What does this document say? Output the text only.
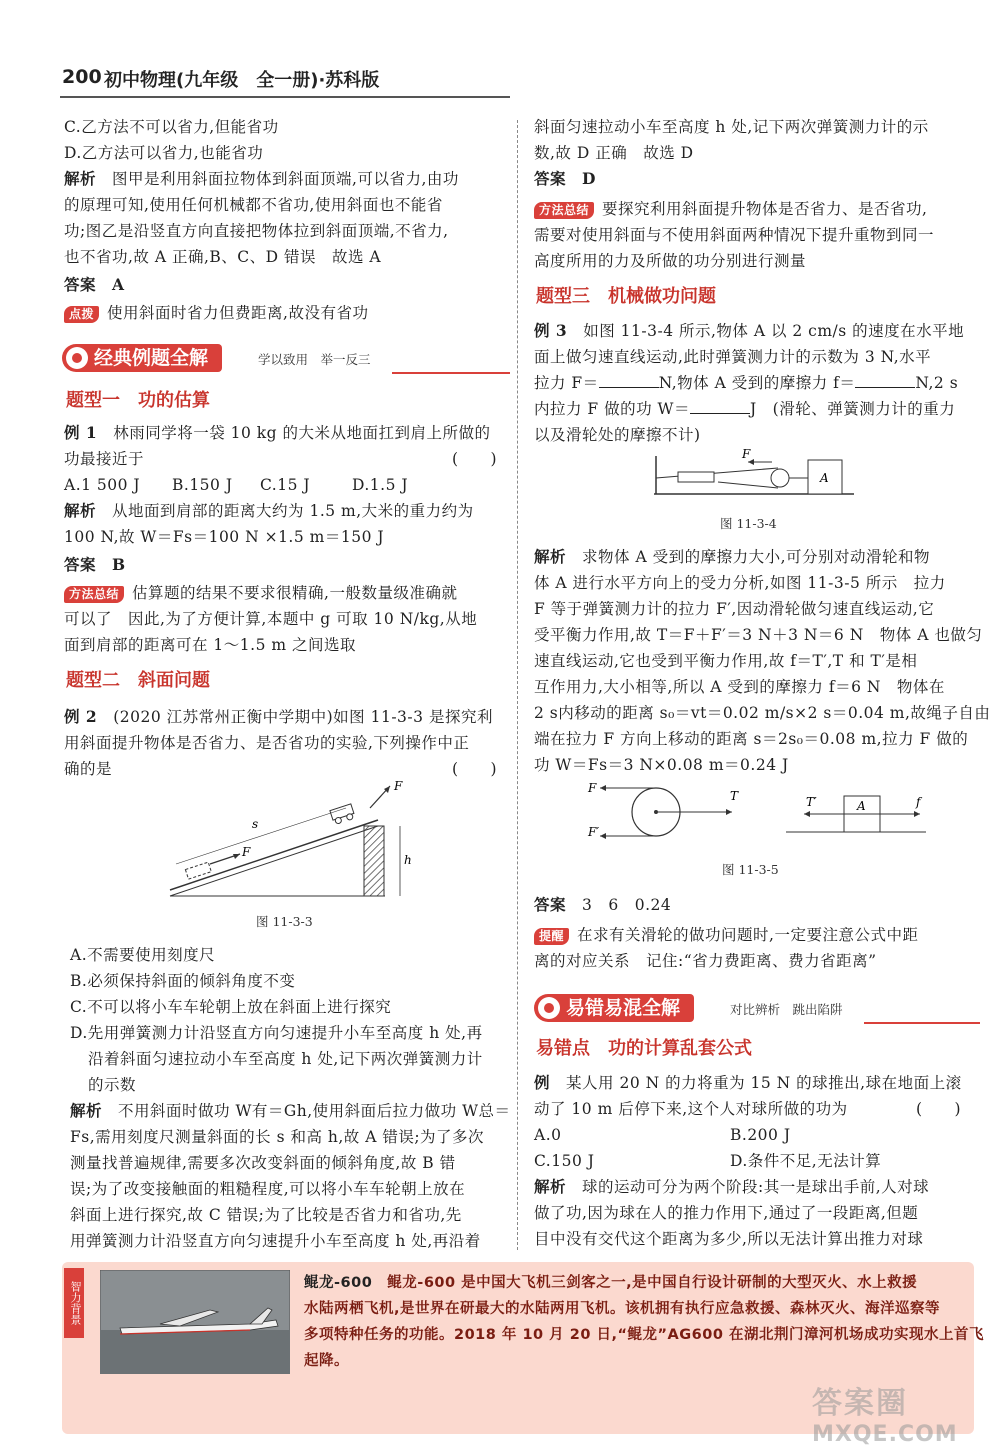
200 初中物理(九年级　全一册)·苏科版
C.乙方法不可以省力,但能省功
D.乙方法可以省力,也能省功
解析　 图甲是利用斜面拉物体到斜面顶端,可以省力,由功
的原理可知,使用任何机械都不省功,使用斜面也不能省
功;图乙是沿竖直方向直接把物体拉到斜面顶端,不省力,
也不省功,故 A 正确,B、C、D 错误　故选 A
答案　 A
点拨 使用斜面时省力但费距离,故没有省功
经典例题全解	学以致用　举一反三
题型一　功的估算
例 1　 林雨同学将一袋 10 kg 的大米从地面扛到肩上所做的
功最接近于	(　　)
A.1 500 J B.150 J C.15 J	D.1.5 J
解析　 从地面到肩部的距离大约为 1.5 m,大米的重力约为
100 N,故 W＝Fs＝100 N ×1.5 m＝150 J
答案　 B
方法总结 估算题的结果不要求很精确,一般数量级准确就
可以了　因此,为了方便计算,本题中 g 可取 10 N/kg,从地
面到肩部的距离可在 1～1.5 m 之间选取
题型二　斜面问题
例 2　 (2020 江苏常州正衡中学期中)如图 11-3-3 是探究利
用斜面提升物体是否省力、是否省功的实验,下列操作中正
确的是	(　　)
F
F
s
h
图 11-3-3
A.不需要使用刻度尺
B.必须保持斜面的倾斜角度不变
C.不可以将小车车轮朝上放在斜面上进行探究
D.先用弹簧测力计沿竖直方向匀速提升小车至高度 h 处,再
沿着斜面匀速拉动小车至高度 h 处,记下两次弹簧测力计
的示数
解析　 不用斜面时做功 W有＝Gh,使用斜面后拉力做功 W总＝
Fs,需用刻度尺测量斜面的长 s 和高 h,故 A 错误;为了多次
测量找普遍规律,需要多次改变斜面的倾斜角度,故 B 错
误;为了改变接触面的粗糙程度,可以将小车车轮朝上放在
斜面上进行探究,故 C 错误;为了比较是否省力和省功,先
用弹簧测力计沿竖直方向匀速提升小车至高度 h 处,再沿着
斜面匀速拉动小车至高度 h 处,记下两次弹簧测力计的示
数,故 D 正确　故选 D
答案　 D
方法总结 要探究利用斜面提升物体是否省力、是否省功,
需要对使用斜面与不使用斜面两种情况下提升重物到同一
高度所用的力及所做的功分别进行测量
题型三　机械做功问题
例 3　 如图 11-3-4 所示,物体 A 以 2 cm/s 的速度在水平地
面上做匀速直线运动,此时弹簧测力计的示数为 3 N,水平
拉力 F＝	N,物体 A 受到的摩擦力 f＝	N,2 s
内拉力 F 做的功 W＝	J　(滑轮、弹簧测力计的重力
以及滑轮处的摩擦不计)
F
A
图 11-3-4
解析　 求物体 A 受到的摩擦力大小,可分别对动滑轮和物
体 A 进行水平方向上的受力分析,如图 11-3-5 所示　拉力
F 等于弹簧测力计的拉力 F′,因动滑轮做匀速直线运动,它
受平衡力作用,故 T＝F＋F′＝3 N＋3 N＝6 N　物体 A 也做匀
速直线运动,它也受到平衡力作用,故 f＝T′,T 和 T′是相
互作用力,大小相等,所以 A 受到的摩擦力 f＝6 N　物体在
2 s内移动的距离 s₀＝vt＝0.02 m/s×2 s＝0.04 m,故绳子自由
端在拉力 F 方向上移动的距离 s＝2s₀＝0.08 m,拉力 F 做的
功 W＝Fs＝3 N×0.08 m＝0.24 J
F
F′
T	T′	A	f
图 11-3-5
答案　 3　6　0.24
提醒 在求有关滑轮的做功问题时,一定要注意公式中距
离的对应关系　记住:“省力费距离、费力省距离”
易错易混全解	对比辨析　跳出陷阱
易错点　功的计算乱套公式
例　 某人用 20 N 的力将重为 15 N 的球推出,球在地面上滚
动了 10 m 后停下来,这个人对球所做的功为	(　　)
A.0	B.200 J
C.150 J	D.条件不足,无法计算
解析　 球的运动可分为两个阶段:其一是球出手前,人对球
做了功,因为球在人的推力作用下,通过了一段距离,但题
目中没有交代这个距离为多少,所以无法计算出推力对球
智力背景	鲲龙-600　 鲲龙-600 是中国大飞机三剑客之一,是中国自行设计研制的大型灭火、水上救援
水陆两栖飞机,是世界在研最大的水陆两用飞机。该机拥有执行应急救援、森林灭火、海洋巡察等
多项特种任务的功能。2018 年 10 月 20 日,“鲲龙”AG600 在湖北荆门漳河机场成功实现水上首飞
起降。
答案圈
MXQE.COM
